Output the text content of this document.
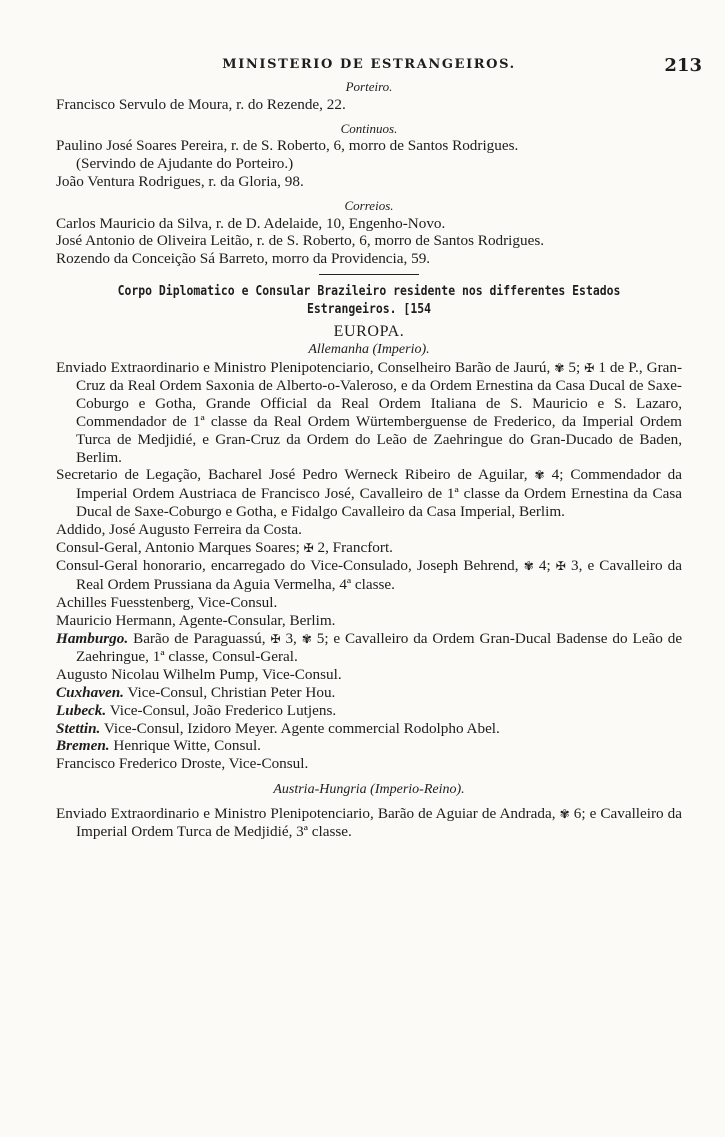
MINISTERIO DE ESTRANGEIROS.	213
Porteiro.
Francisco Servulo de Moura, r. do Rezende, 22.
Continuos.
Paulino José Soares Pereira, r. de S. Roberto, 6, morro de Santos Rodrigues.
(Servindo de Ajudante do Porteiro.)
João Ventura Rodrigues, r. da Gloria, 98.
Correios.
Carlos Mauricio da Silva, r. de D. Adelaide, 10, Engenho-Novo.
José Antonio de Oliveira Leitão, r. de S. Roberto, 6, morro de Santos Rodrigues.
Rozendo da Conceição Sá Barreto, morro da Providencia, 59.
Corpo Diplomatico e Consular Brazileiro residente nos differentes Estados
Estrangeiros. [154
EUROPA.
Allemanha (Imperio).
Enviado Extraordinario e Ministro Plenipotenciario, Conselheiro Barão de Jaurú, ✾ 5; ✠ 1 de P., Gran-Cruz da Real Ordem Saxonia de Alberto-o-Valeroso, e da Ordem Ernestina da Casa Ducal de Saxe-Coburgo e Gotha, Grande Official da Real Ordem Italiana de S. Mauricio e S. Lazaro, Commendador de 1ª classe da Real Ordem Würtemberguense de Frederico, da Imperial Ordem Turca de Medjidié, e Gran-Cruz da Ordem do Leão de Zaehringue do Gran-Ducado de Baden, Berlim.
Secretario de Legação, Bacharel José Pedro Werneck Ribeiro de Aguilar, ✾ 4; Commendador da Imperial Ordem Austriaca de Francisco José, Cavalleiro de 1ª classe da Ordem Ernestina da Casa Ducal de Saxe-Coburgo e Gotha, e Fidalgo Cavalleiro da Casa Imperial, Berlim.
Addido, José Augusto Ferreira da Costa.
Consul-Geral, Antonio Marques Soares; ✠ 2, Francfort.
Consul-Geral honorario, encarregado do Vice-Consulado, Joseph Behrend, ✾ 4; ✠ 3, e Cavalleiro da Real Ordem Prussiana da Aguia Vermelha, 4ª classe.
Achilles Fuesstenberg, Vice-Consul.
Mauricio Hermann, Agente-Consular, Berlim.
Hamburgo. Barão de Paraguassú, ✠ 3, ✾ 5; e Cavalleiro da Ordem Gran-Ducal Badense do Leão de Zaehringue, 1ª classe, Consul-Geral.
Augusto Nicolau Wilhelm Pump, Vice-Consul.
Cuxhaven. Vice-Consul, Christian Peter Hou.
Lubeck. Vice-Consul, João Frederico Lutjens.
Stettin. Vice-Consul, Izidoro Meyer. Agente commercial Rodolpho Abel.
Bremen. Henrique Witte, Consul.
Francisco Frederico Droste, Vice-Consul.
Austria-Hungria (Imperio-Reino).
Enviado Extraordinario e Ministro Plenipotenciario, Barão de Aguiar de Andrada, ✾ 6; e Cavalleiro da Imperial Ordem Turca de Medjidié, 3ª classe.
